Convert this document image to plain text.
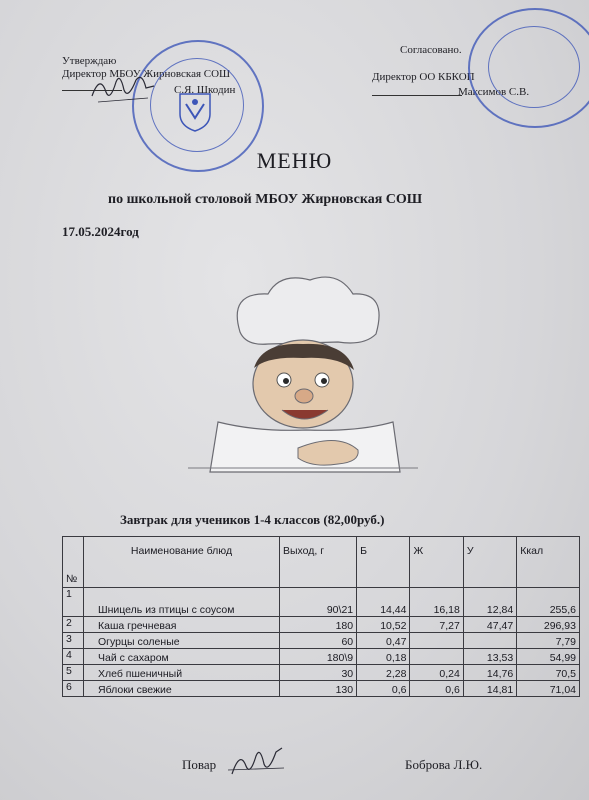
Утверждаю
Директор МБОУ Жирновская СОШ
С.Я. Шкодин
Согласовано.
Директор ОО КБКОП
Максимов С.В.
МЕНЮ
по школьной столовой МБОУ Жирновская СОШ
17.05.2024год
Завтрак для учеников 1-4 классов (82,00руб.)
№	Наименование блюд	Выход, г	Б	Ж	У	Ккал
1	Шницель из птицы с соусом	90\21	14,44	16,18	12,84	255,6
2	Каша гречневая	180	10,52	7,27	47,47	296,93
3	Огурцы соленые	60	0,47			7,79
4	Чай с сахаром	180\9	0,18		13,53	54,99
5	Хлеб пшеничный	30	2,28	0,24	14,76	70,5
6	Яблоки свежие	130	0,6	0,6	14,81	71,04
Повар	Боброва Л.Ю.
